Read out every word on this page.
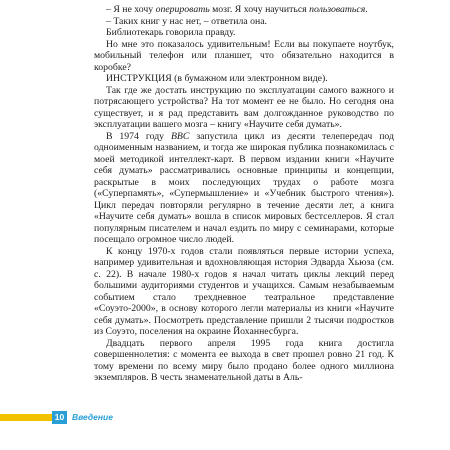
– Я не хочу оперировать мозг. Я хочу научиться пользоваться.

– Таких книг у нас нет, – ответила она.

Библиотекарь говорила правду.

Но мне это показалось удивительным! Если вы покупаете ноутбук, мобильный телефон или планшет, что обязательно находится в коробке?

ИНСТРУКЦИЯ (в бумажном или электронном виде).

Так где же достать инструкцию по эксплуатации самого важного и потрясающего устройства? На тот момент ее не было. Но сегодня она существует, и я рад представить вам долгожданное руководство по эксплуатации вашего мозга – книгу «Научите себя думать».

В 1974 году BBC запустила цикл из десяти телепередач под одноименным названием, и тогда же широкая публика познакомилась с моей методикой интеллект-карт. В первом издании книги «Научите себя думать» рассматривались основные принципы и концепции, раскрытые в моих последующих трудах о работе мозга («Суперпамять», «Супермышление» и «Учебник быстрого чтения»). Цикл передач повторяли регулярно в течение десяти лет, а книга «Научите себя думать» вошла в список мировых бестселлеров. Я стал популярным писателем и начал ездить по миру с семинарами, которые посещало огромное число людей.

К концу 1970-х годов стали появляться первые истории успеха, например удивительная и вдохновляющая история Эдварда Хьюза (см. с. 22). В начале 1980-х годов я начал читать циклы лекций перед большими аудиториями студентов и учащихся. Самым незабываемым событием стало трехдневное театральное представление «Соуэто-2000», в основу которого легли материалы из книги «Научите себя думать». Посмотреть представление пришли 2 тысячи подростков из Соуэто, поселения на окраине Йоханнесбурга.

Двадцать первого апреля 1995 года книга достигла совершеннолетия: с момента ее выхода в свет прошел ровно 21 год. К тому времени по всему миру было продано более одного миллиона экземпляров. В честь знаменательной даты в Аль-

10 Введение
